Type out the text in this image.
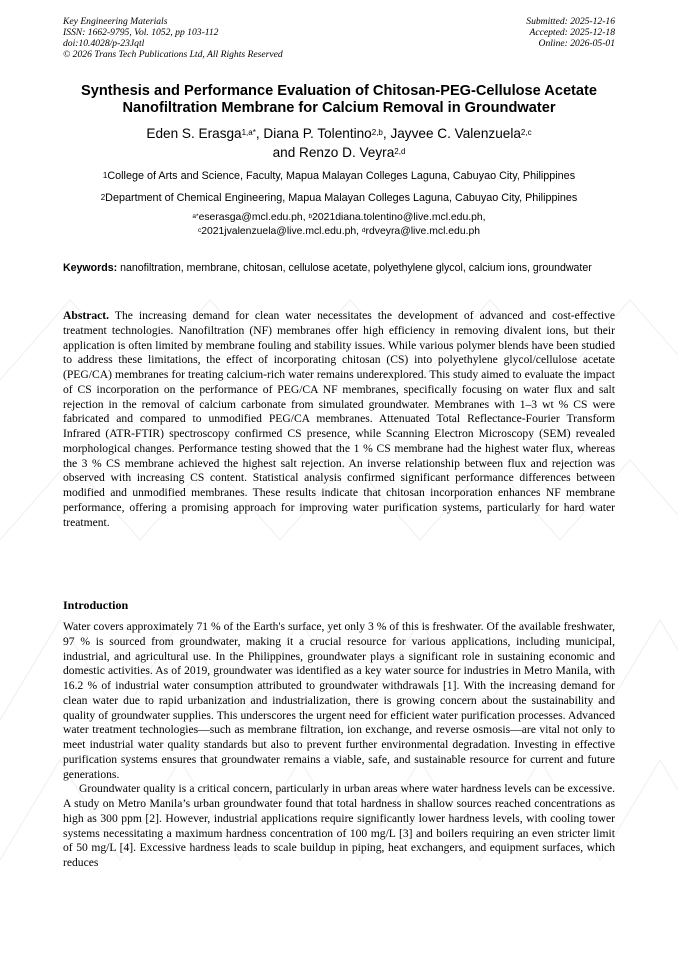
Key Engineering Materials
ISSN: 1662-9795, Vol. 1052, pp 103-112
doi:10.4028/p-23Jqtl
© 2026 Trans Tech Publications Ltd, All Rights Reserved
Submitted: 2025-12-16
Accepted: 2025-12-18
Online: 2026-05-01
Synthesis and Performance Evaluation of Chitosan-PEG-Cellulose Acetate Nanofiltration Membrane for Calcium Removal in Groundwater
Eden S. Erasga$^{1,a*}$, Diana P. Tolentino$^{2,b}$, Jayvee C. Valenzuela$^{2,c}$
and Renzo D. Veyra$^{2,d}$
$^1$College of Arts and Science, Faculty, Mapua Malayan Colleges Laguna, Cabuyao City, Philippines
$^2$Department of Chemical Engineering, Mapua Malayan Colleges Laguna, Cabuyao City, Philippines
$^{a*}$eserasga@mcl.edu.ph, $^b$2021diana.tolentino@live.mcl.edu.ph,
$^c$2021jvalenzuela@live.mcl.edu.ph, $^d$rdveyra@live.mcl.edu.ph
Keywords: nanofiltration, membrane, chitosan, cellulose acetate, polyethylene glycol, calcium ions, groundwater
Abstract. The increasing demand for clean water necessitates the development of advanced and cost-effective treatment technologies. Nanofiltration (NF) membranes offer high efficiency in removing divalent ions, but their application is often limited by membrane fouling and stability issues. While various polymer blends have been studied to address these limitations, the effect of incorporating chitosan (CS) into polyethylene glycol/cellulose acetate (PEG/CA) membranes for treating calcium-rich water remains underexplored. This study aimed to evaluate the impact of CS incorporation on the performance of PEG/CA NF membranes, specifically focusing on water flux and salt rejection in the removal of calcium carbonate from simulated groundwater. Membranes with 1–3 wt % CS were fabricated and compared to unmodified PEG/CA membranes. Attenuated Total Reflectance-Fourier Transform Infrared (ATR-FTIR) spectroscopy confirmed CS presence, while Scanning Electron Microscopy (SEM) revealed morphological changes. Performance testing showed that the 1 % CS membrane had the highest water flux, whereas the 3 % CS membrane achieved the highest salt rejection. An inverse relationship between flux and rejection was observed with increasing CS content. Statistical analysis confirmed significant performance differences between modified and unmodified membranes. These results indicate that chitosan incorporation enhances NF membrane performance, offering a promising approach for improving water purification systems, particularly for hard water treatment.
Introduction

Water covers approximately 71 % of the Earth's surface, yet only 3 % of this is freshwater. Of the available freshwater, 97 % is sourced from groundwater, making it a crucial resource for various applications, including municipal, industrial, and agricultural use. In the Philippines, groundwater plays a significant role in sustaining economic and domestic activities. As of 2019, groundwater was identified as a key water source for industries in Metro Manila, with 16.2 % of industrial water consumption attributed to groundwater withdrawals [1]. With the increasing demand for clean water due to rapid urbanization and industrialization, there is growing concern about the sustainability and quality of groundwater supplies. This underscores the urgent need for efficient water purification processes. Advanced water treatment technologies—such as membrane filtration, ion exchange, and reverse osmosis—are vital not only to meet industrial water quality standards but also to prevent further environmental degradation. Investing in effective purification systems ensures that groundwater remains a viable, safe, and sustainable resource for current and future generations.

Groundwater quality is a critical concern, particularly in urban areas where water hardness levels can be excessive. A study on Metro Manila’s urban groundwater found that total hardness in shallow sources reached concentrations as high as 300 ppm [2]. However, industrial applications require significantly lower hardness levels, with cooling tower systems necessitating a maximum hardness concentration of 100 mg/L [3] and boilers requiring an even stricter limit of 50 mg/L [4]. Excessive hardness leads to scale buildup in piping, heat exchangers, and equipment surfaces, which reduces
